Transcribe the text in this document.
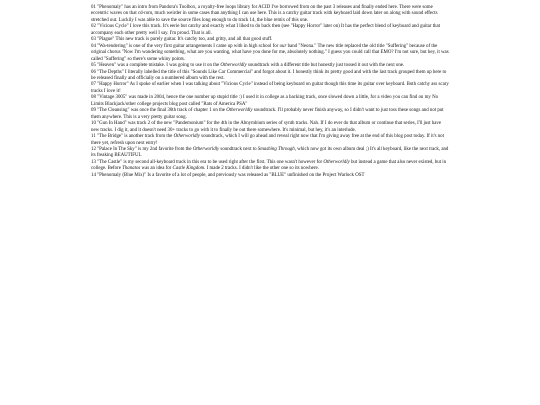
01 "Phenomaly" has an intro from Pandora's Toolbox, a royalty-free loops library for ACID I've borrowed from on the past 3 releases and finally ended here. There were some eccentric waves on that cd-rom, much weirder in some cases than anything I can use here. This is a catchy guitar track with keyboard laid down later on along with sound effects stretched out. Luckily I was able to save the source files long enough to do track 14, the blue remix of this one.

02 "Vicious Cycle" I love this track. It's eerie but catchy and exactly what I liked to do back then (see "Happy Horror" later on) It has the perfect blend of keyboard and guitar that accompany each other pretty well I say. I'm proud. That is all.

03 "Plague" This new track is purely guitar. It's catchy too, and gritty, and all that good stuff.

04 "Wa-tendering" is one of the very first guitar arrangements I came up with in high school for our band "Neona." The new title replaced the old title "Suffering" because of the original chorus "Now I'm wondering something, what are you wanting, what have you done for me, absolutely nothing." I guess you could call that EMO? I'm not sure, but hey, it was called "Suffering" so there's some whiny points.

05 "Heaven" was a complete mistake. I was going to use it on the Otherworldly soundtrack with a different title but honestly just tossed it out with the next one.

06 "The Depths" I literally labelled the title of this "Sounds Like Car Commercial" and forgot about it. I honestly think its pretty good and with the last track grouped them up here to be released finally and officially on a numbered album with the rest.

07 "Happy Horror" As I spoke of earlier when I was talking about "Vicious Cycle" instead of being keyboard on guitar though this time its guitar over keyboard. Both catchy ass scary tracks I love it!

08 "Vintage 3005" was made in 2004, hence the one number up stupid title :) I used it in college as a backing track, once slowed down a little, for a video you can find on my No Limits Blackjack/other college projects blog post called "Rats of America PSA"

09 "The Cleansing" was once the final 30th track of chapter 1 on the Otherworldly soundtrack. I'll probably never finish anyway, so I didn't want to just toss these songs and not put them anywhere. This is a very pretty guitar song.

10 "Gun In Hand" was track 2 of the new "Pandemonium" for the 4th in the Abnymbium series of synth tracks. Nah. If I do ever do that album or continue that series, I'll just have new tracks. I dig it, and it doesn't need 30+ tracks to go with it to finally be out there somewhere. It's minimal, but hey, it's an interlude.

11 "The Bridge" is another track from the Otherworldly soundtrack, which I will go ahead and reveal right now that I'm giving away free at the end of this blog post today. If it's not there yet, refresh upon next entry!

12 "Palace In The Sky" is my 2nd favorite from the Otherworldly soundtrack next to Smashing Through, which now got its own album deal ;) It's all keyboard, like the next track, and its freaking BEAUTIFUL

13 "The Castle" is my second all-keyboard track in this era to be used right after the first. This one wasn't however for Otherworldly but instead a game that also never existed, but in college. Before Thanatos was an idea for Castle Kingdom. I made 2 tracks. I didn't like the other one so its nowhere.

14 "Phenomaly (Blue Mix)" Is a favorite of a lot of people, and previously was released as "BLUE" unfinished on the Project Warlock OST
